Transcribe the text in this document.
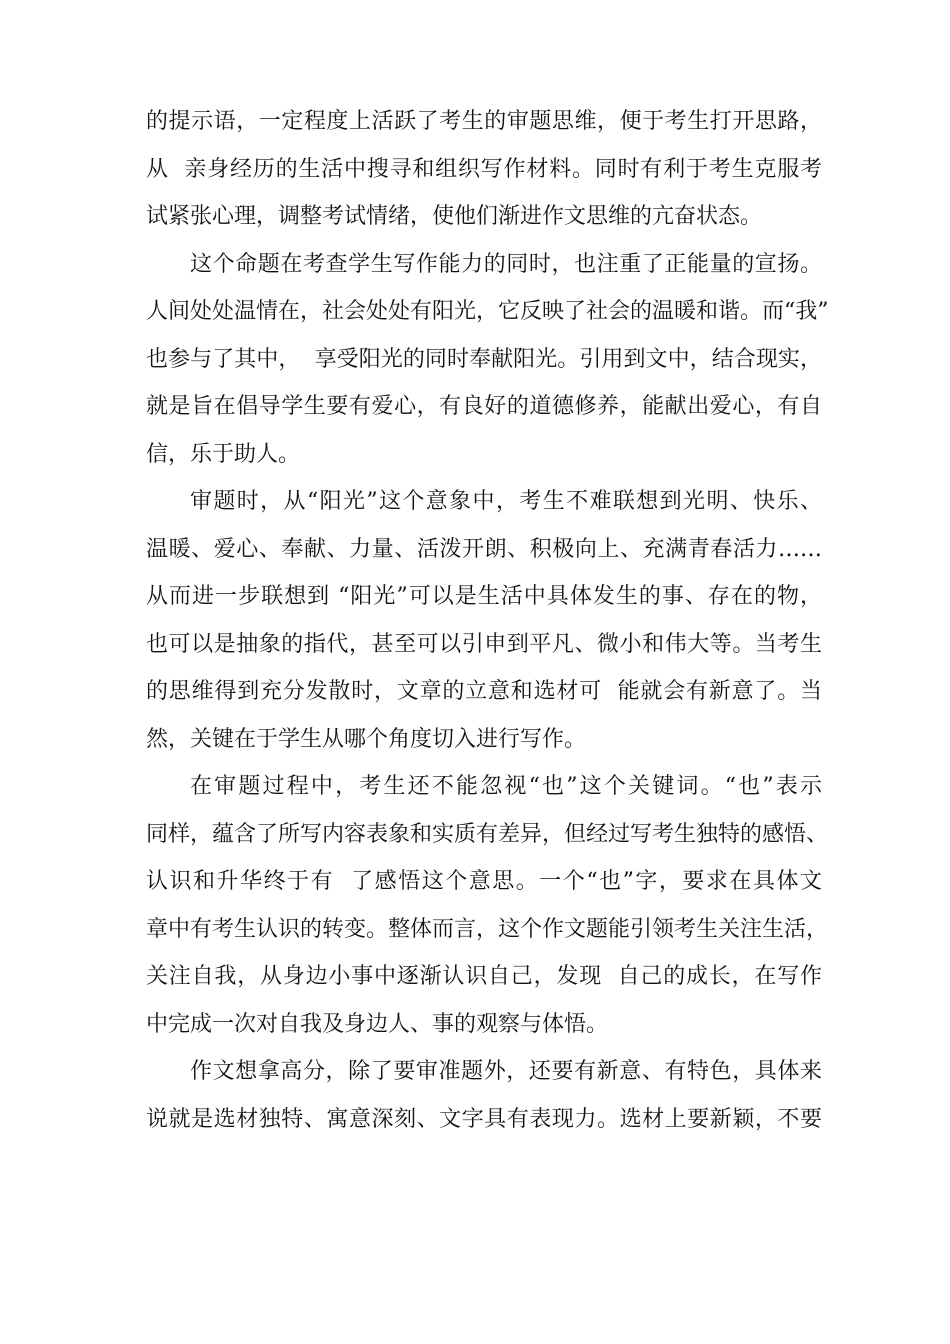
的提示语，一定程度上活跃了考生的审题思维，便于考生打开思路，
从  亲身经历的生活中搜寻和组织写作材料。同时有利于考生克服考
试紧张心理，调整考试情绪，使他们渐进作文思维的亢奋状态。
这个命题在考查学生写作能力的同时，也注重了正能量的宣扬。
人间处处温情在，社会处处有阳光，它反映了社会的温暖和谐。而“我”
也参与了其中，  享受阳光的同时奉献阳光。引用到文中，结合现实，
就是旨在倡导学生要有爱心，有良好的道德修养，能献出爱心，有自
信，乐于助人。
审题时，从“阳光”这个意象中，考生不难联想到光明、快乐、
温暖、爱心、奉献、力量、活泼开朗、积极向上、充满青春活力……
从而进一步联想到 “阳光”可以是生活中具体发生的事、存在的物，
也可以是抽象的指代，甚至可以引申到平凡、微小和伟大等。当考生
的思维得到充分发散时，文章的立意和选材可  能就会有新意了。当
然，关键在于学生从哪个角度切入进行写作。
在审题过程中，考生还不能忽视“也”这个关键词。“也”表示
同样，蕴含了所写内容表象和实质有差异，但经过写考生独特的感悟、
认识和升华终于有  了感悟这个意思。一个“也”字，要求在具体文
章中有考生认识的转变。整体而言，这个作文题能引领考生关注生活，
关注自我，从身边小事中逐渐认识自己，发现  自己的成长，在写作
中完成一次对自我及身边人、事的观察与体悟。
作文想拿高分，除了要审准题外，还要有新意、有特色，具体来
说就是选材独特、寓意深刻、文字具有表现力。选材上要新颖，不要
